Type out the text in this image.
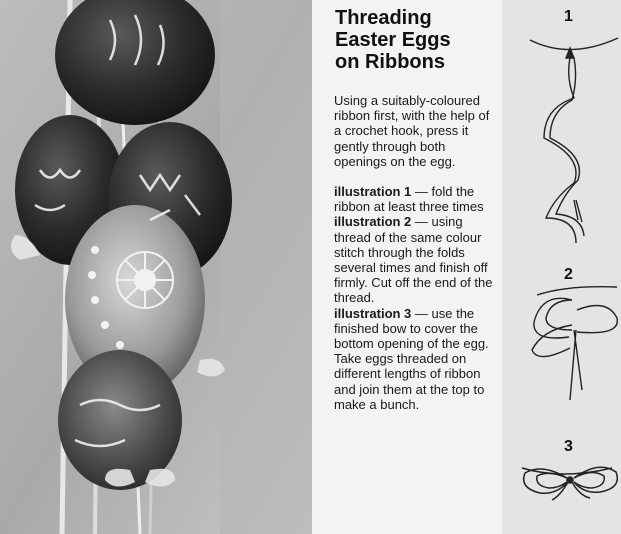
Threading
Easter Eggs
on Ribbons

Using a suitably-coloured ribbon first, with the help of a crochet hook, press it gently through both openings on the egg.

illustration 1 — fold the ribbon at least three times

illustration 2 — using thread of the same colour stitch through the folds several times and finish off firmly. Cut off the end of the thread.

illustration 3 — use the finished bow to cover the bottom opening of the egg. Take eggs threaded on different lengths of ribbon and join them at the top to make a bunch.

1
2
3
